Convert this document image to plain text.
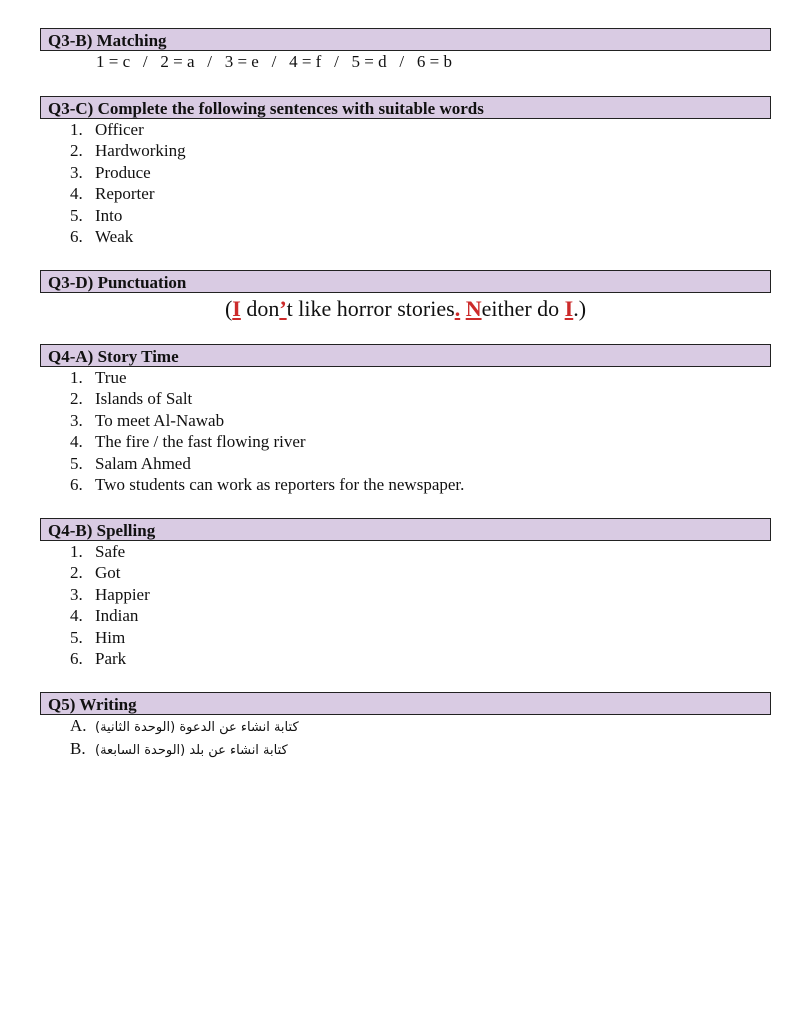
Q3-B) Matching
1 = c   /   2 = a   /   3 = e   /   4 = f   /   5 = d   /   6 = b
Q3-C) Complete the following sentences with suitable words
1. Officer
2. Hardworking
3. Produce
4. Reporter
5. Into
6. Weak
Q3-D) Punctuation
(I don’t like horror stories. Neither do I.)
Q4-A) Story Time
1. True
2. Islands of Salt
3. To meet Al-Nawab
4. The fire / the fast flowing river
5. Salam Ahmed
6. Two students can work as reporters for the newspaper.
Q4-B) Spelling
1. Safe
2. Got
3. Happier
4. Indian
5. Him
6. Park
Q5) Writing
A. كتابة انشاء عن الدعوة (الوحدة الثانية)
B. كتابة انشاء عن بلد (الوحدة السابعة)
